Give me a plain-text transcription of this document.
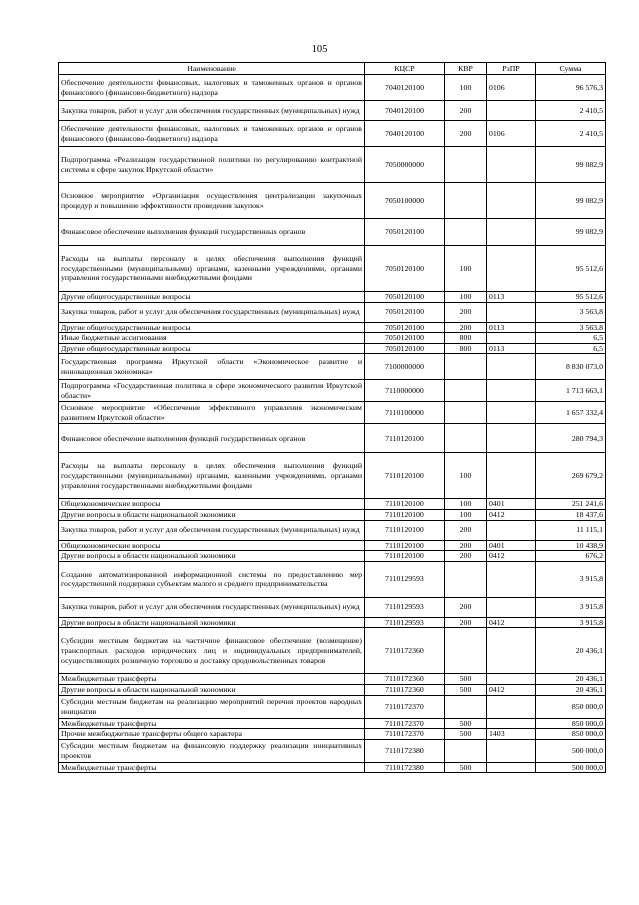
105
Наименование	КЦСР	КВР	РзПР	Сумма
Обеспечение деятельности финансовых, налоговых и таможенных органов и органов финансового (финансово-бюджетного) надзора	7040120100	100	0106	96 576,3
Закупка товаров, работ и услуг для обеспечения государственных (муниципальных) нужд	7040120100	200		2 410,5
Обеспечение деятельности финансовых, налоговых и таможенных органов и органов финансового (финансово-бюджетного) надзора	7040120100	200	0106	2 410,5
Подпрограмма «Реализация государственной политики по регулированию контрактной системы в сфере закупок Иркутской области»	7050000000			99 082,9
Основное мероприятие «Организация осуществления централизации закупочных процедур и повышение эффективности проведения закупок»	7050100000			99 082,9
Финансовое обеспечение выполнения функций государственных органов	7050120100			99 082,9
Расходы на выплаты персоналу в целях обеспечения выполнения функций государственными (муниципальными) органами, казенными учреждениями, органами управления государственными внебюджетными фондами	7050120100	100		95 512,6
Другие общегосударственные вопросы	7050120100	100	0113	95 512,6
Закупка товаров, работ и услуг для обеспечения государственных (муниципальных) нужд	7050120100	200		3 563,8
Другие общегосударственные вопросы	7050120100	200	0113	3 563,8
Иные бюджетные ассигнования	7050120100	800		6,5
Другие общегосударственные вопросы	7050120100	800	0113	6,5
Государственная программа Иркутской области «Экономическое развитие и инновационная экономика»	7100000000			8 830 073,0
Подпрограмма «Государственная политика в сфере экономического развития Иркутской области»	7110000000			1 713 663,1
Основное мероприятие «Обеспечение эффективного управления экономическим развитием Иркутской области»	7110100000			1 657 332,4
Финансовое обеспечение выполнения функций государственных органов	7110120100			280 794,3
Расходы на выплаты персоналу в целях обеспечения выполнения функций государственными (муниципальными) органами, казенными учреждениями, органами управления государственными внебюджетными фондами	7110120100	100		269 679,2
Общеэкономические вопросы	7110120100	100	0401	251 241,6
Другие вопросы в области национальной экономики	7110120100	100	0412	18 437,6
Закупка товаров, работ и услуг для обеспечения государственных (муниципальных) нужд	7110120100	200		11 115,1
Общеэкономические вопросы	7110120100	200	0401	10 438,9
Другие вопросы в области национальной экономики	7110120100	200	0412	676,2
Создание автоматизированной информационной системы по предоставлению мер государственной поддержки субъектам малого и среднего предпринимательства	7110129593			3 915,8
Закупка товаров, работ и услуг для обеспечения государственных (муниципальных) нужд	7110129593	200		3 915,8
Другие вопросы в области национальной экономики	7110129593	200	0412	3 915,8
Субсидии местным бюджетам на частичное финансовое обеспечение (возмещение) транспортных расходов юридических лиц и индивидуальных предпринимателей, осуществляющих розничную торговлю и доставку продовольственных товаров	7110172360			20 436,1
Межбюджетные трансферты	7110172360	500		20 436,1
Другие вопросы в области национальной экономики	7110172360	500	0412	20 436,1
Субсидии местным бюджетам на реализацию мероприятий перечня проектов народных инициатив	7110172370			850 000,0
Межбюджетные трансферты	7110172370	500		850 000,0
Прочие межбюджетные трансферты общего характера	7110172370	500	1403	850 000,0
Субсидии местным бюджетам на финансовую поддержку реализации инициативных проектов	7110172380			500 000,0
Межбюджетные трансферты	7110172380	500		500 000,0
